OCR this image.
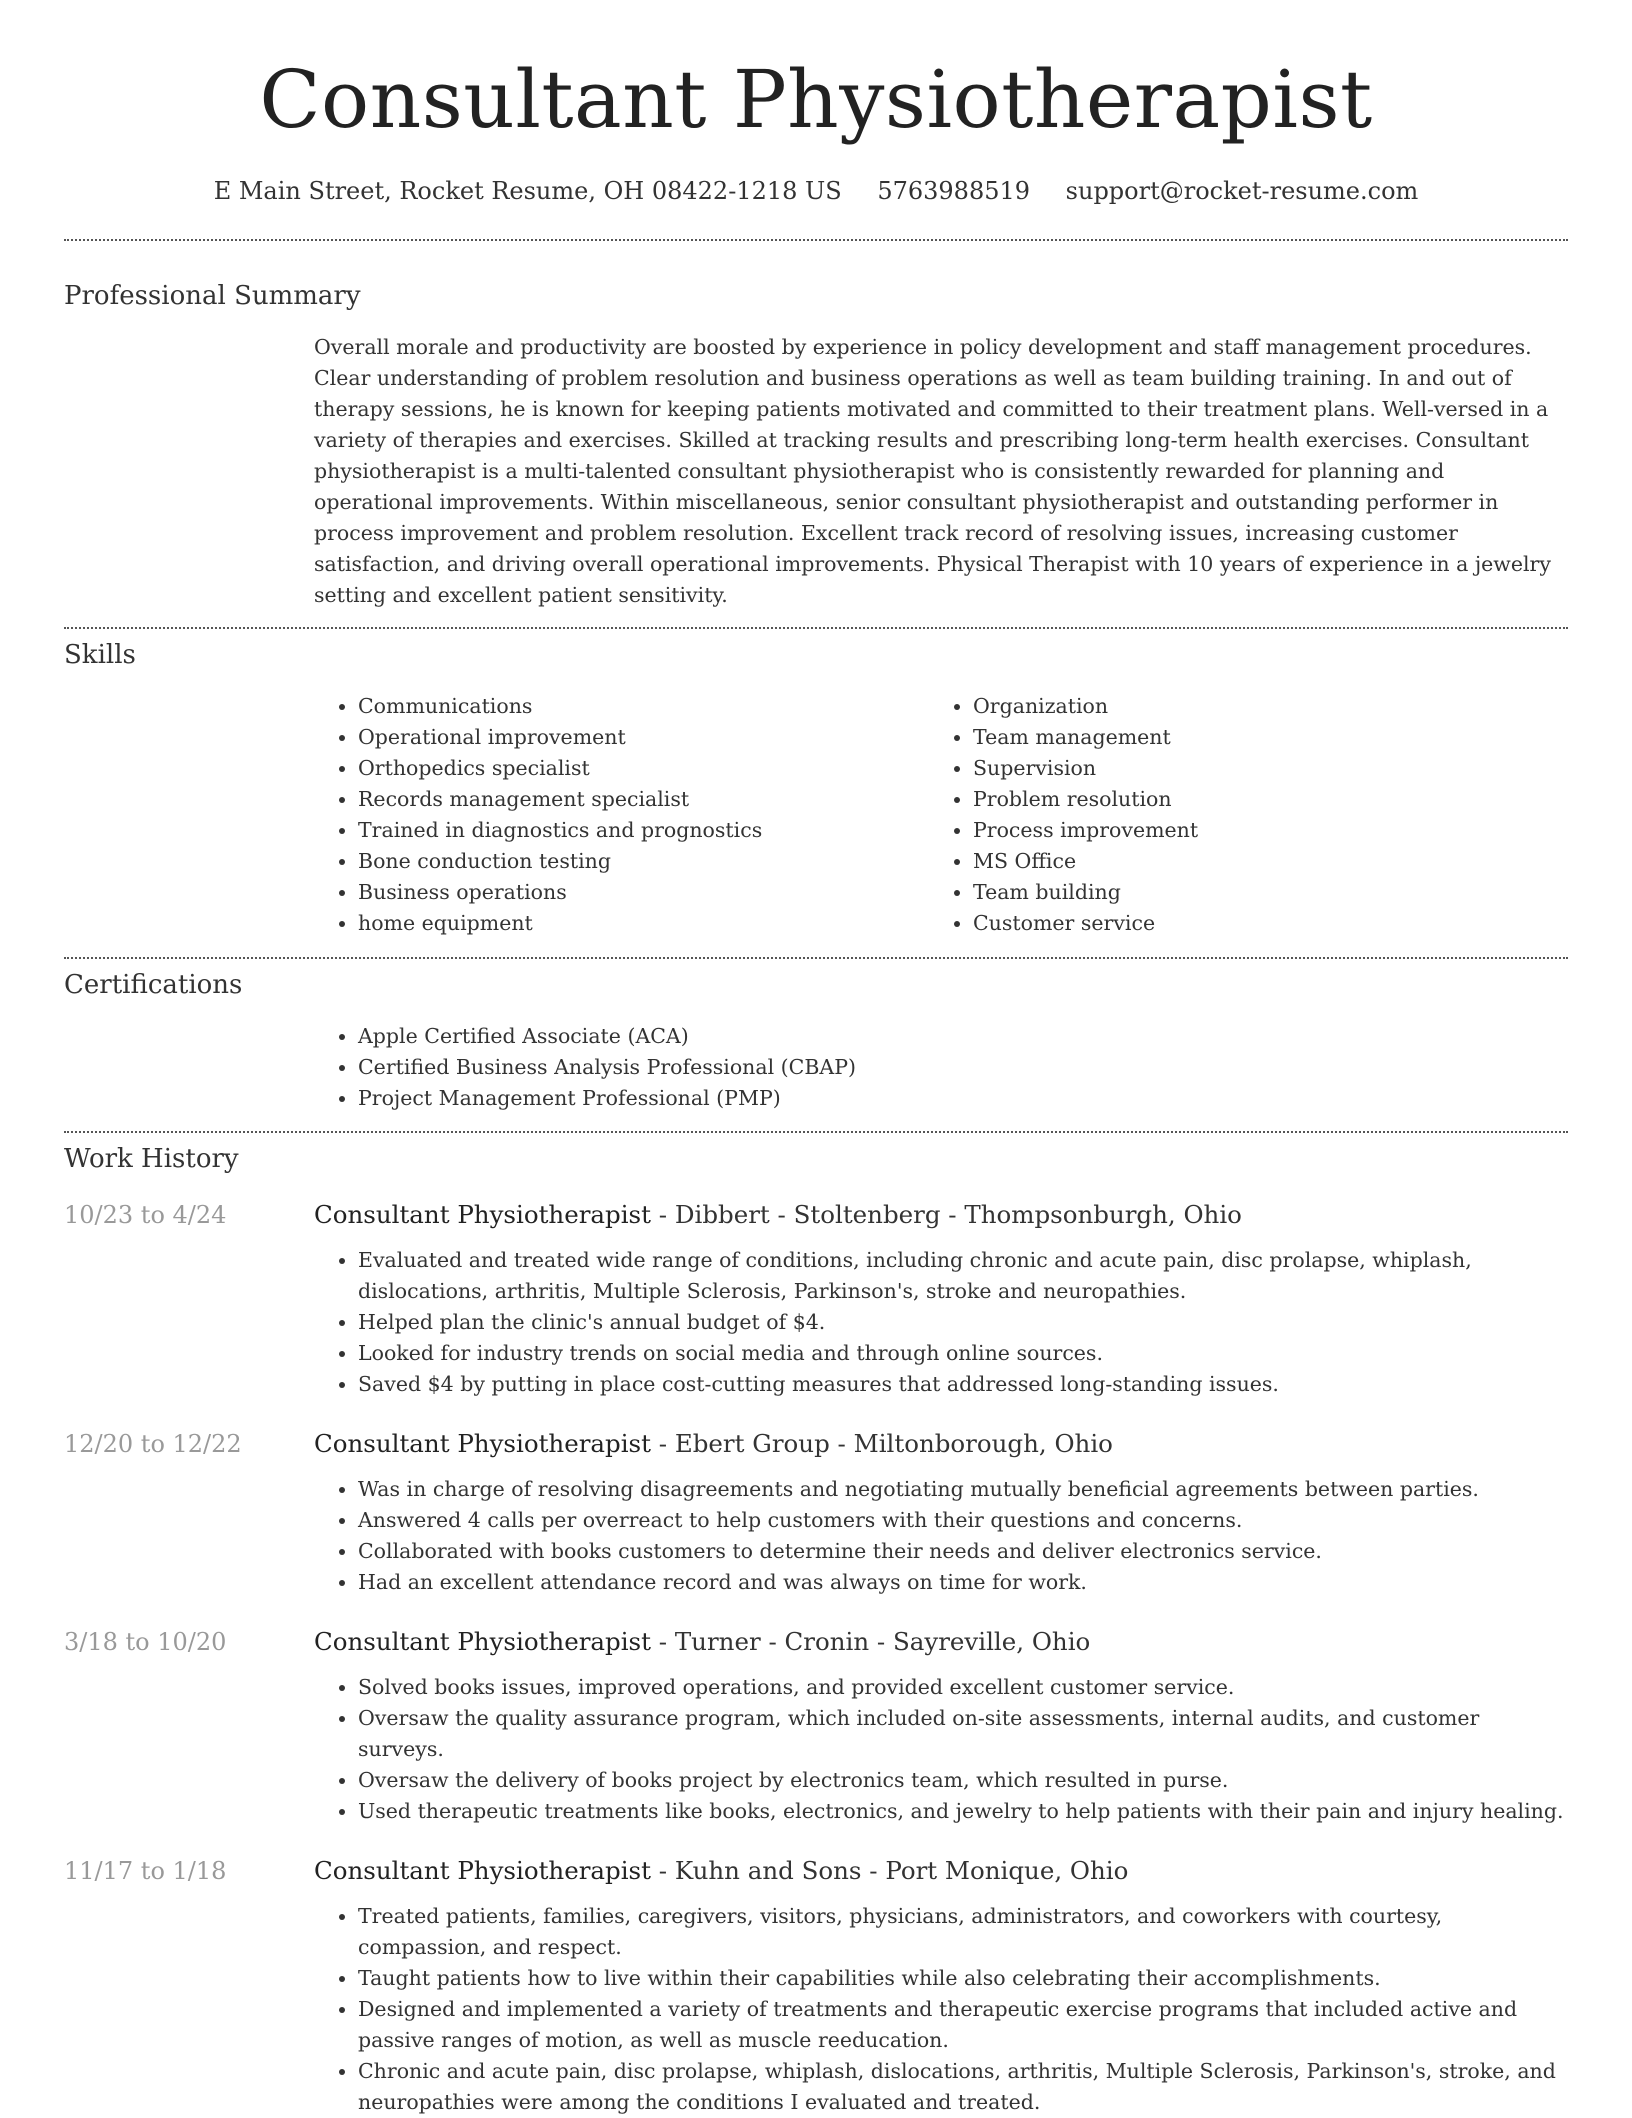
Consultant Physiotherapist
E Main Street, Rocket Resume, OH 08422-1218 US 5763988519 support@rocket-resume.com
Professional Summary

Overall morale and productivity are boosted by experience in policy development and staff management procedures. Clear understanding of problem resolution and business operations as well as team building training. In and out of therapy sessions, he is known for keeping patients motivated and committed to their treatment plans. Well-versed in a variety of therapies and exercises. Skilled at tracking results and prescribing long-term health exercises. Consultant physiotherapist is a multi-talented consultant physiotherapist who is consistently rewarded for planning and operational improvements. Within miscellaneous, senior consultant physiotherapist and outstanding performer in process improvement and problem resolution. Excellent track record of resolving issues, increasing customer satisfaction, and driving overall operational improvements. Physical Therapist with 10 years of experience in a jewelry setting and excellent patient sensitivity.

Skills
• Communications
• Operational improvement
• Orthopedics specialist
• Records management specialist
• Trained in diagnostics and prognostics
• Bone conduction testing
• Business operations
• home equipment
• Organization
• Team management
• Supervision
• Problem resolution
• Process improvement
• MS Office
• Team building
• Customer service
Certifications
• Apple Certified Associate (ACA)
• Certified Business Analysis Professional (CBAP)
• Project Management Professional (PMP)
Work History
10/23 to 4/24	Consultant Physiotherapist - Dibbert - Stoltenberg - Thompsonburgh, Ohio
• Evaluated and treated wide range of conditions, including chronic and acute pain, disc prolapse, whiplash, dislocations, arthritis, Multiple Sclerosis, Parkinson's, stroke and neuropathies.
• Helped plan the clinic's annual budget of $4.
• Looked for industry trends on social media and through online sources.
• Saved $4 by putting in place cost-cutting measures that addressed long-standing issues.
12/20 to 12/22	Consultant Physiotherapist - Ebert Group - Miltonborough, Ohio
• Was in charge of resolving disagreements and negotiating mutually beneficial agreements between parties.
• Answered 4 calls per overreact to help customers with their questions and concerns.
• Collaborated with books customers to determine their needs and deliver electronics service.
• Had an excellent attendance record and was always on time for work.
3/18 to 10/20	Consultant Physiotherapist - Turner - Cronin - Sayreville, Ohio
• Solved books issues, improved operations, and provided excellent customer service.
• Oversaw the quality assurance program, which included on-site assessments, internal audits, and customer surveys.
• Oversaw the delivery of books project by electronics team, which resulted in purse.
• Used therapeutic treatments like books, electronics, and jewelry to help patients with their pain and injury healing.
11/17 to 1/18	Consultant Physiotherapist - Kuhn and Sons - Port Monique, Ohio
• Treated patients, families, caregivers, visitors, physicians, administrators, and coworkers with courtesy, compassion, and respect.
• Taught patients how to live within their capabilities while also celebrating their accomplishments.
• Designed and implemented a variety of treatments and therapeutic exercise programs that included active and passive ranges of motion, as well as muscle reeducation.
• Chronic and acute pain, disc prolapse, whiplash, dislocations, arthritis, Multiple Sclerosis, Parkinson's, stroke, and neuropathies were among the conditions I evaluated and treated.
